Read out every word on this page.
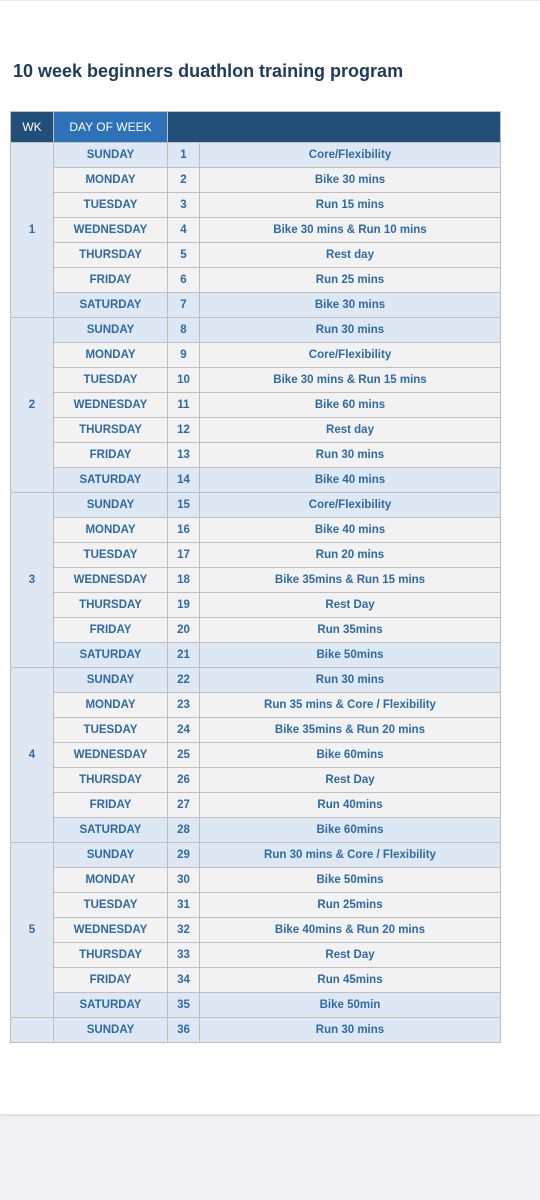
10 week beginners duathlon training program
WK	DAY OF WEEK		
1	SUNDAY	1	Core/Flexibility
	MONDAY	2	Bike 30 mins
	TUESDAY	3	Run 15 mins
	WEDNESDAY	4	Bike 30 mins & Run 10 mins
	THURSDAY	5	Rest day
	FRIDAY	6	Run 25 mins
	SATURDAY	7	Bike 30 mins
2	SUNDAY	8	Run 30 mins
	MONDAY	9	Core/Flexibility
	TUESDAY	10	Bike 30 mins & Run 15 mins
	WEDNESDAY	11	Bike 60 mins
	THURSDAY	12	Rest day
	FRIDAY	13	Run 30 mins
	SATURDAY	14	Bike 40 mins
3	SUNDAY	15	Core/Flexibility
	MONDAY	16	Bike 40 mins
	TUESDAY	17	Run 20 mins
	WEDNESDAY	18	Bike 35mins & Run 15 mins
	THURSDAY	19	Rest Day
	FRIDAY	20	Run 35mins
	SATURDAY	21	Bike 50mins
4	SUNDAY	22	Run 30 mins
	MONDAY	23	Run 35 mins & Core / Flexibility
	TUESDAY	24	Bike 35mins & Run 20 mins
	WEDNESDAY	25	Bike 60mins
	THURSDAY	26	Rest Day
	FRIDAY	27	Run 40mins
	SATURDAY	28	Bike 60mins
5	SUNDAY	29	Run 30 mins & Core / Flexibility
	MONDAY	30	Bike 50mins
	TUESDAY	31	Run 25mins
	WEDNESDAY	32	Bike 40mins & Run 20 mins
	THURSDAY	33	Rest Day
	FRIDAY	34	Run 45mins
	SATURDAY	35	Bike 50min
	SUNDAY	36	Run 30 mins
